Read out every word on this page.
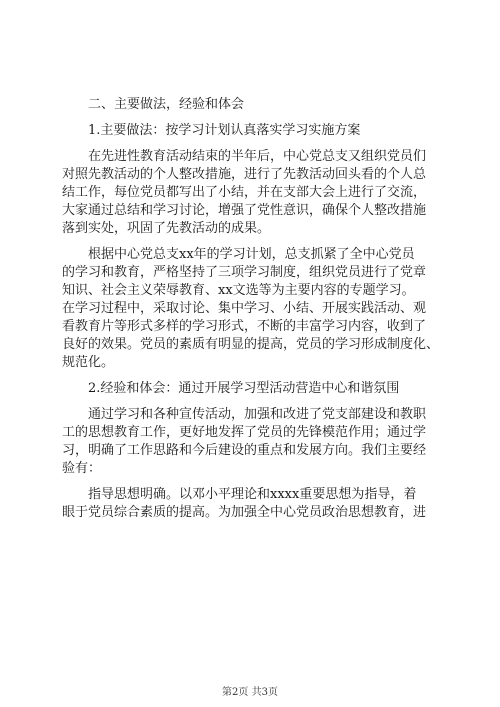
二、主要做法，经验和体会
1.主要做法：按学习计划认真落实学习实施方案
在先进性教育活动结束的半年后，中心党总支又组织党员们
对照先教活动的个人整改措施，进行了先教活动回头看的个人总
结工作，每位党员都写出了小结，并在支部大会上进行了交流，
大家通过总结和学习讨论，增强了党性意识，确保个人整改措施
落到实处，巩固了先教活动的成果。
根据中心党总支xx年的学习计划，总支抓紧了全中心党员
的学习和教育，严格坚持了三项学习制度，组织党员进行了党章
知识、社会主义荣辱教育、xx文选等为主要内容的专题学习。
在学习过程中，采取讨论、集中学习、小结、开展实践活动、观
看教育片等形式多样的学习形式，不断的丰富学习内容，收到了
良好的效果。党员的素质有明显的提高，党员的学习形成制度化、
规范化。
2.经验和体会：通过开展学习型活动营造中心和谐氛围
通过学习和各种宣传活动，加强和改进了党支部建设和教职
工的思想教育工作，更好地发挥了党员的先锋模范作用；通过学
习，明确了工作思路和今后建设的重点和发展方向。我们主要经
验有：
指导思想明确。以邓小平理论和xxxx重要思想为指导，着
眼于党员综合素质的提高。为加强全中心党员政治思想教育，进
第2页 共3页
